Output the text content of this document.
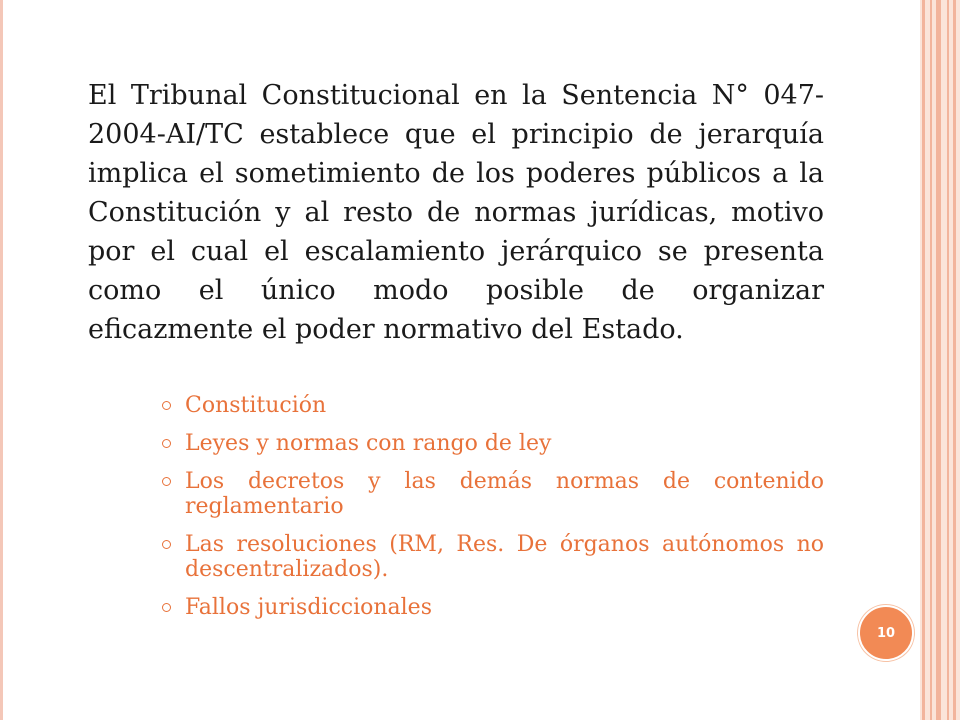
El Tribunal Constitucional en la Sentencia N° 047-2004-AI/TC establece que el principio de jerarquía implica el sometimiento de los poderes públicos a la Constitución y al resto de normas jurídicas, motivo por el cual el escalamiento jerárquico se presenta como el único modo posible de organizar eficazmente el poder normativo del Estado.

Constitución
Leyes y normas con rango de ley
Los decretos y las demás normas de contenido reglamentario
Las resoluciones (RM, Res. De órganos autónomos no descentralizados).
Fallos jurisdiccionales
10
